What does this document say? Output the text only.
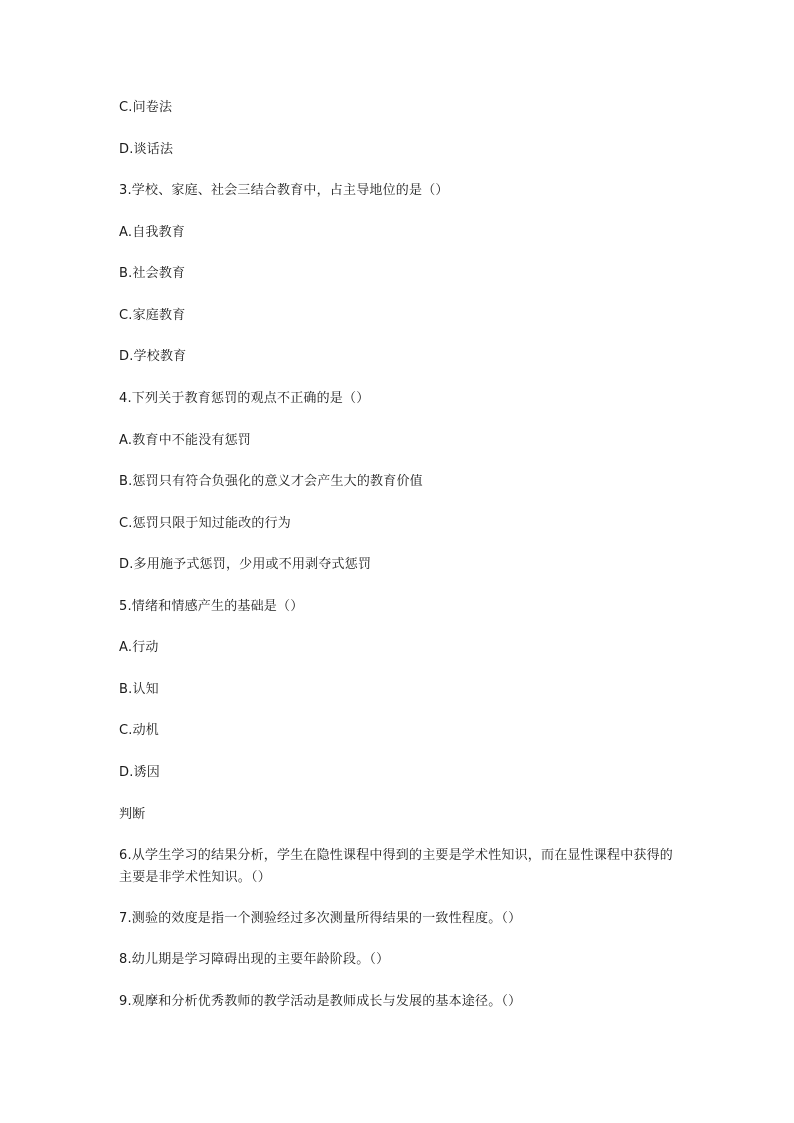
C.问卷法
D.谈话法
3.学校、家庭、社会三结合教育中，占主导地位的是（）
A.自我教育
B.社会教育
C.家庭教育
D.学校教育
4.下列关于教育惩罚的观点不正确的是（）
A.教育中不能没有惩罚
B.惩罚只有符合负强化的意义才会产生大的教育价值
C.惩罚只限于知过能改的行为
D.多用施予式惩罚，少用或不用剥夺式惩罚
5.情绪和情感产生的基础是（）
A.行动
B.认知
C.动机
D.诱因
判断
6.从学生学习的结果分析，学生在隐性课程中得到的主要是学术性知识，而在显性课程中获得的主要是非学术性知识。（）
7.测验的效度是指一个测验经过多次测量所得结果的一致性程度。（）
8.幼儿期是学习障碍出现的主要年龄阶段。（）
9.观摩和分析优秀教师的教学活动是教师成长与发展的基本途径。（）
